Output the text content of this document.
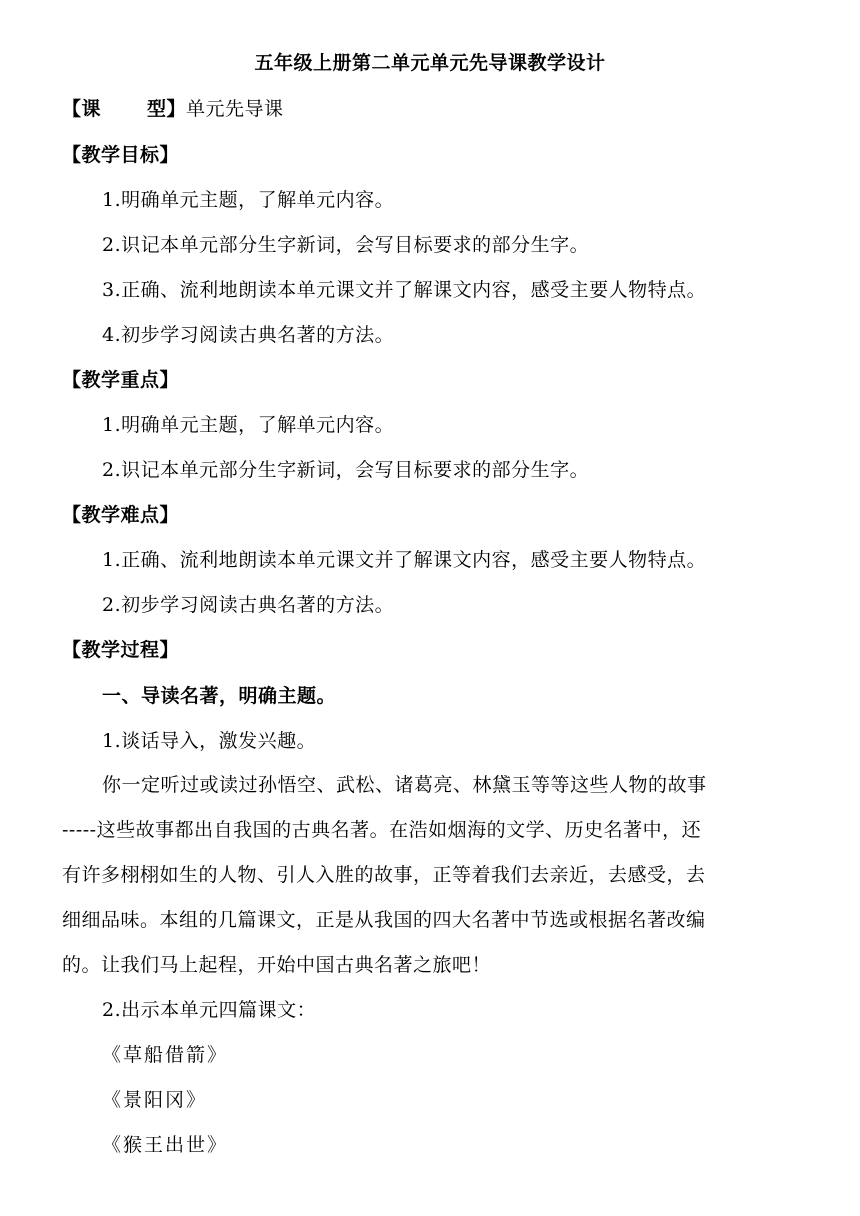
五年级上册第二单元单元先导课教学设计
【课 型】单元先导课
【教学目标】
1.明确单元主题，了解单元内容。
2.识记本单元部分生字新词，会写目标要求的部分生字。
3.正确、流利地朗读本单元课文并了解课文内容，感受主要人物特点。
4.初步学习阅读古典名著的方法。
【教学重点】
1.明确单元主题，了解单元内容。
2.识记本单元部分生字新词，会写目标要求的部分生字。
【教学难点】
1.正确、流利地朗读本单元课文并了解课文内容，感受主要人物特点。
2.初步学习阅读古典名著的方法。
【教学过程】
一、导读名著，明确主题。
1.谈话导入，激发兴趣。
你一定听过或读过孙悟空、武松、诸葛亮、林黛玉等等这些人物的故事
-----这些故事都出自我国的古典名著。在浩如烟海的文学、历史名著中，还
有许多栩栩如生的人物、引人入胜的故事，正等着我们去亲近，去感受，去
细细品味。本组的几篇课文，正是从我国的四大名著中节选或根据名著改编
的。让我们马上起程，开始中国古典名著之旅吧！
2.出示本单元四篇课文：
《草船借箭》
《景阳冈》
《猴王出世》
